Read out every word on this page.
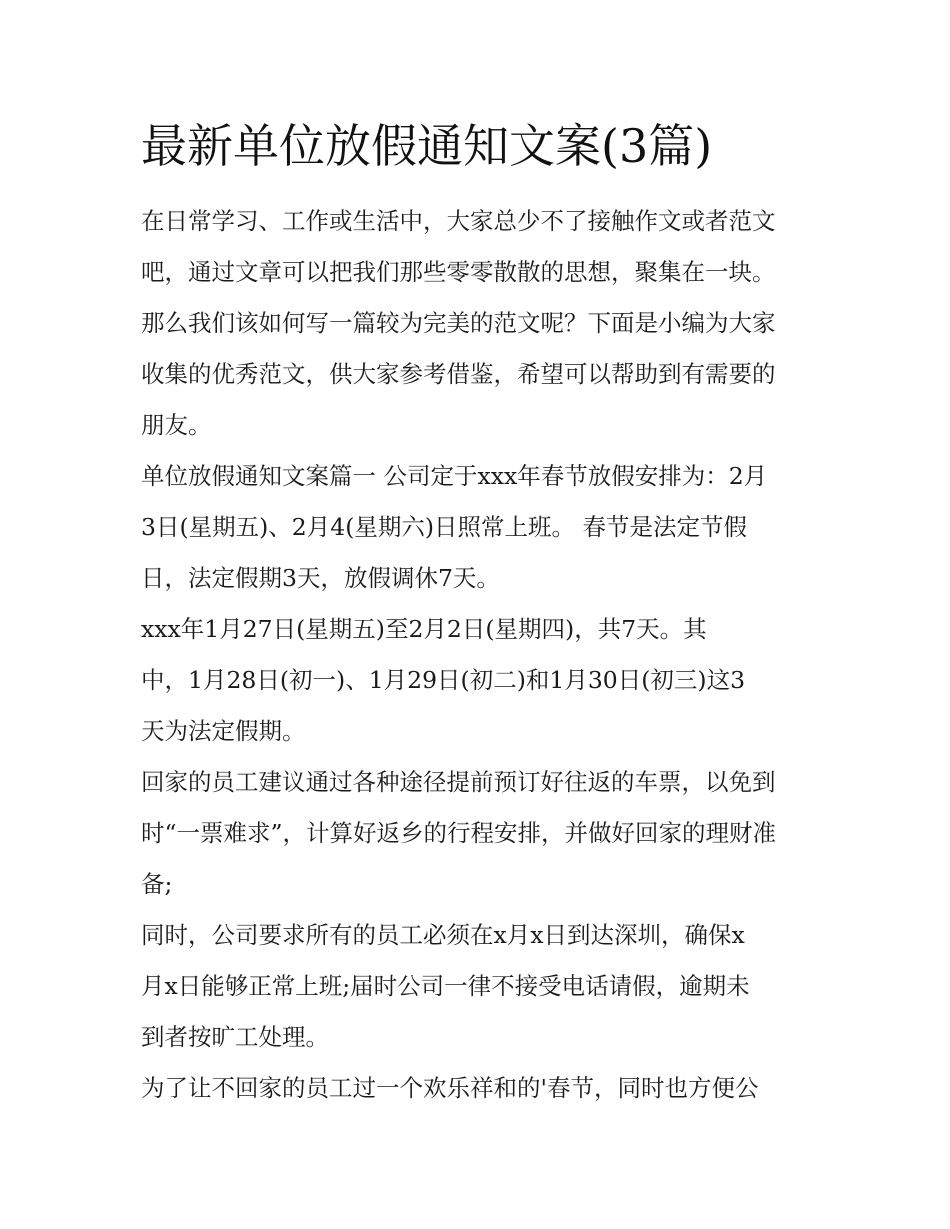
最新单位放假通知文案(3篇)
在日常学习、工作或生活中，大家总少不了接触作文或者范文
吧，通过文章可以把我们那些零零散散的思想，聚集在一块。
那么我们该如何写一篇较为完美的范文呢？下面是小编为大家
收集的优秀范文，供大家参考借鉴，希望可以帮助到有需要的
朋友。
单位放假通知文案篇一 公司定于xxx年春节放假安排为：2月
3日(星期五)、2月4(星期六)日照常上班。 春节是法定节假
日，法定假期3天，放假调休7天。
xxx年1月27日(星期五)至2月2日(星期四)，共7天。其
中，1月28日(初一)、1月29日(初二)和1月30日(初三)这3
天为法定假期。
回家的员工建议通过各种途径提前预订好往返的车票，以免到
时“一票难求”，计算好返乡的行程安排，并做好回家的理财准
备;
同时，公司要求所有的员工必须在x月x日到达深圳，确保x
月x日能够正常上班;届时公司一律不接受电话请假，逾期未
到者按旷工处理。
为了让不回家的员工过一个欢乐祥和的'春节，同时也方便公
